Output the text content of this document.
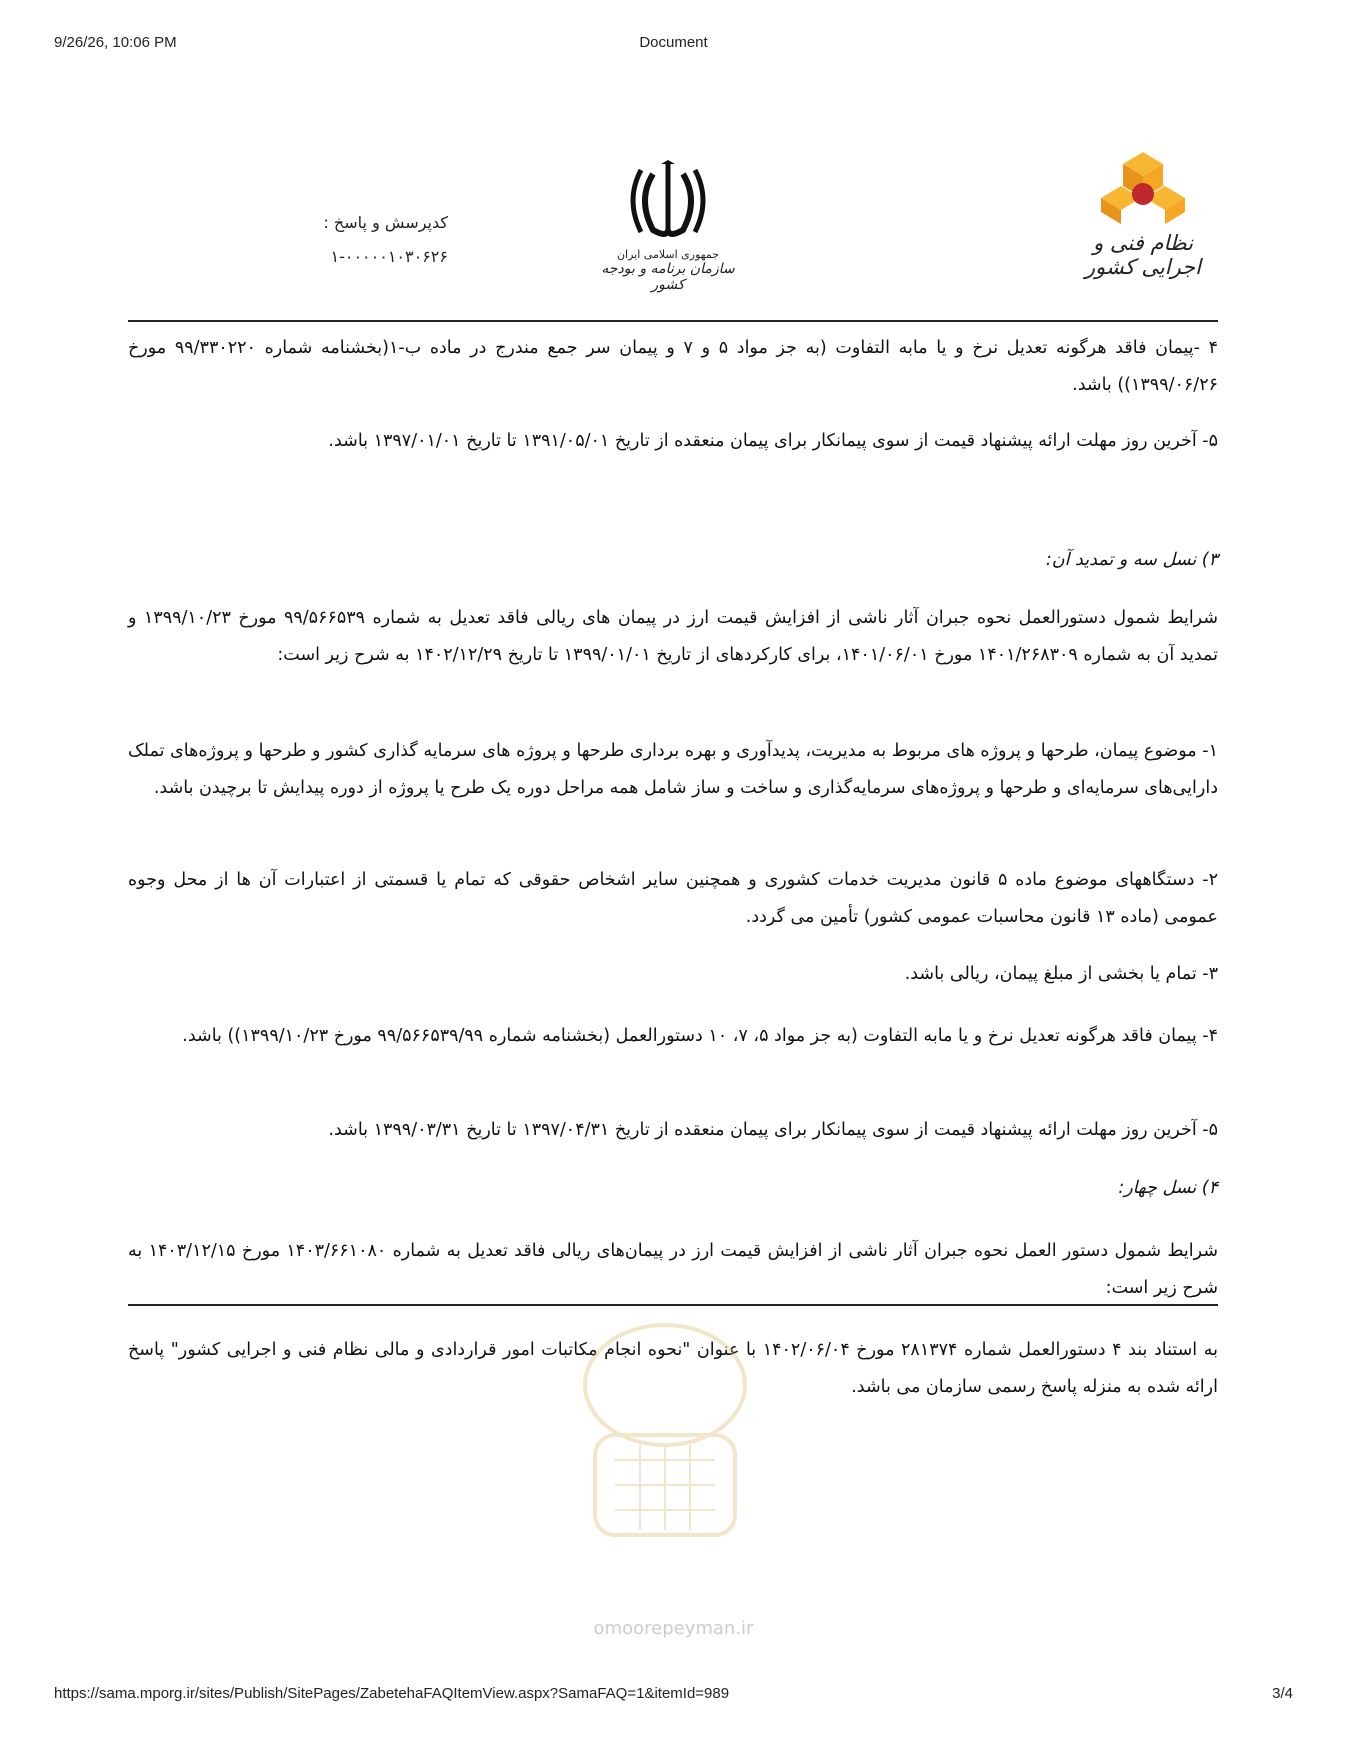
9/26/26, 10:06 PM	Document
کدپرسش و پاسخ :
۱-۰۰۰۰۰۱۰۳۰۶۲۶	جمهوری اسلامی ایران
سازمان برنامه و بودجه کشور
نظام فنی و اجرایی کشور
۴ -پیمان فاقد هرگونه تعدیل نرخ و یا مابه التفاوت (به جز مواد ۵ و ۷ و پیمان سر جمع مندرج در ماده ب-۱(بخشنامه شماره ۹۹/۳۳۰۲۲۰ مورخ ۱۳۹۹/۰۶/۲۶)) باشد.
۵- آخرین روز مهلت ارائه پیشنهاد قیمت از سوی پیمانکار برای پیمان منعقده از تاریخ ۱۳۹۱/۰۵/۰۱ تا تاریخ ۱۳۹۷/۰۱/۰۱ باشد.
۳) نسل سه و تمدید آن:
شرایط شمول دستورالعمل نحوه جبران آثار ناشی از افزایش قیمت ارز در پیمان های ریالی فاقد تعدیل به شماره ۹۹/۵۶۶۵۳۹ مورخ ۱۳۹۹/۱۰/۲۳ و تمدید آن به شماره ۱۴۰۱/۲۶۸۳۰۹ مورخ ۱۴۰۱/۰۶/۰۱، برای کارکردهای از تاریخ ۱۳۹۹/۰۱/۰۱ تا تاریخ ۱۴۰۲/۱۲/۲۹ به شرح زیر است:
۱- موضوع پیمان، طرحها و پروژه های مربوط به مدیریت، پدیدآوری و بهره برداری طرحها و پروژه های سرمایه گذاری کشور و طرحها و پروژه‌های تملک دارایی‌های سرمایه‌ای و طرحها و پروژه‌های سرمایه‌گذاری و ساخت و ساز شامل همه مراحل دوره یک طرح یا پروژه از دوره پیدایش تا برچیدن باشد.
۲- دستگاههای موضوع ماده ۵ قانون مدیریت خدمات کشوری و همچنین سایر اشخاص حقوقی که تمام یا قسمتی از اعتبارات آن ها از محل وجوه عمومی (ماده ۱۳ قانون محاسبات عمومی کشور) تأمین می گردد.
۳- تمام یا بخشی از مبلغ پیمان، ریالی باشد.
۴- پیمان فاقد هرگونه تعدیل نرخ و یا مابه التفاوت (به جز مواد ۵، ۷، ۱۰ دستورالعمل (بخشنامه شماره ۹۹/۵۶۶۵۳۹/۹۹ مورخ ۱۳۹۹/۱۰/۲۳)) باشد.
۵- آخرین روز مهلت ارائه پیشنهاد قیمت از سوی پیمانکار برای پیمان منعقده از تاریخ ۱۳۹۷/۰۴/۳۱ تا تاریخ ۱۳۹۹/۰۳/۳۱ باشد.
۴) نسل چهار:
شرایط شمول دستور العمل نحوه جبران آثار ناشی از افزایش قیمت ارز در پیمان‌های ریالی فاقد تعدیل به شماره ۱۴۰۳/۶۶۱۰۸۰ مورخ ۱۴۰۳/۱۲/۱۵ به شرح زیر است:
به استناد بند ۴ دستورالعمل شماره ۲۸۱۳۷۴ مورخ ۱۴۰۲/۰۶/۰۴ با عنوان "نحوه انجام مکاتبات امور قراردادی و مالی نظام فنی و اجرایی کشور" پاسخ ارائه شده به منزله پاسخ رسمی سازمان می باشد.
omoorepeyman.ir
https://sama.mporg.ir/sites/Publish/SitePages/ZabetehaFAQItemView.aspx?SamaFAQ=1&itemId=989	3/4
